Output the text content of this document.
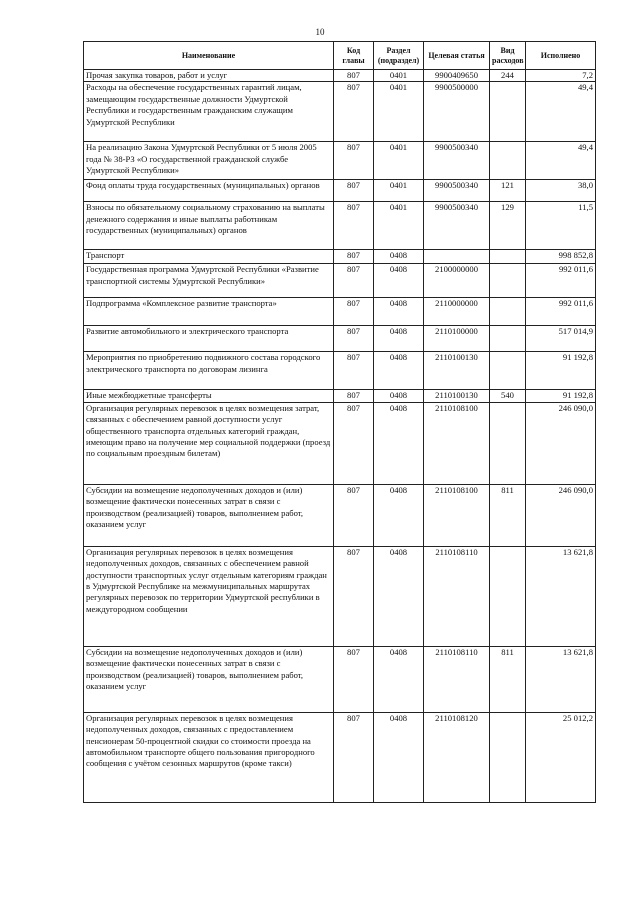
10
Наименование	Код главы	Раздел (подраздел)	Целевая статья	Вид расходов	Исполнено
Прочая закупка товаров, работ и услуг	807	0401	9900409650	244	7,2
Расходы на обеспечение государственных гарантий лицам, замещающим государственные должности Удмуртской Республики и государственным гражданским служащим Удмуртской Республики	807	0401	9900500000		49,4
На реализацию Закона Удмуртской Республики от 5 июля 2005 года № 38-РЗ «О государственной гражданской службе Удмуртской Республики»	807	0401	9900500340		49,4
Фонд оплаты труда государственных (муниципальных) органов	807	0401	9900500340	121	38,0
Взносы по обязательному социальному страхованию на выплаты денежного содержания и иные выплаты работникам государственных (муниципальных) органов	807	0401	9900500340	129	11,5
Транспорт	807	0408			998 852,8
Государственная программа Удмуртской Республики «Развитие транспортной системы Удмуртской Республики»	807	0408	2100000000		992 011,6
Подпрограмма «Комплексное развитие транспорта»	807	0408	2110000000		992 011,6
Развитие автомобильного и электрического транспорта	807	0408	2110100000		517 014,9
Мероприятия по приобретению подвижного состава городского электрического транспорта по договорам лизинга	807	0408	2110100130		91 192,8
Иные межбюджетные трансферты	807	0408	2110100130	540	91 192,8
Организация регулярных перевозок в целях возмещения затрат, связанных с обеспечением равной доступности услуг общественного транспорта отдельных категорий граждан, имеющим право на получение мер социальной поддержки (проезд по социальным проездным билетам)	807	0408	2110108100		246 090,0
Субсидии на возмещение недополученных доходов и (или) возмещение фактически понесенных затрат в связи с производством (реализацией) товаров, выполнением работ, оказанием услуг	807	0408	2110108100	811	246 090,0
Организация регулярных перевозок в целях возмещения недополученных доходов, связанных с обеспечением равной доступности транспортных услуг отдельным категориям граждан в Удмуртской Республике на межмуниципальных маршрутах регулярных перевозок по территории Удмуртской республики в междугородном сообщении	807	0408	2110108110		13 621,8
Субсидии на возмещение недополученных доходов и (или) возмещение фактически понесенных затрат в связи с производством (реализацией) товаров, выполнением работ, оказанием услуг	807	0408	2110108110	811	13 621,8
Организация регулярных перевозок в целях возмещения недополученных доходов, связанных с предоставлением пенсионерам 50-процентной скидки со стоимости проезда на автомобильном транспорте общего пользования пригородного сообщения с учётом сезонных маршрутов (кроме такси)	807	0408	2110108120		25 012,2
